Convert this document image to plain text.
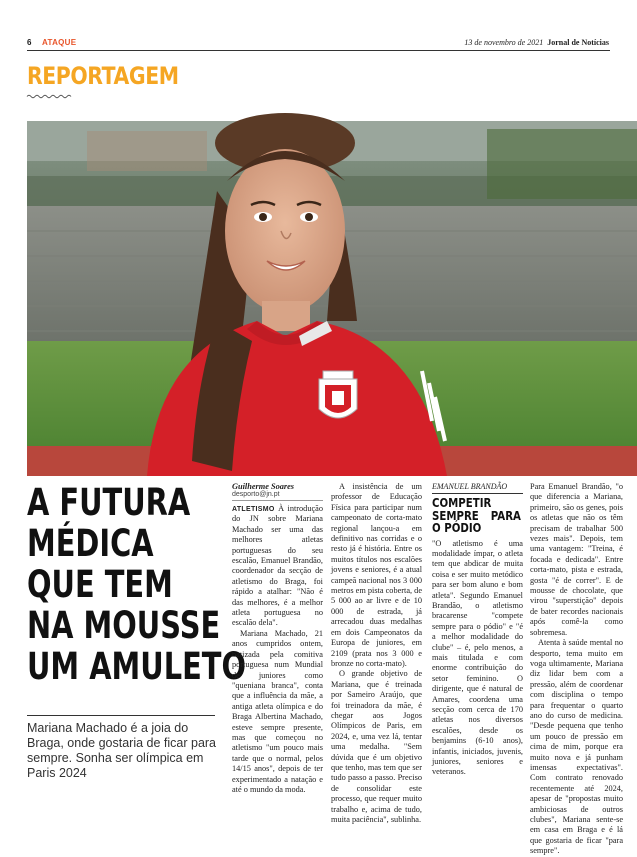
6 ATAQUE	13 de novembro de 2021 Jornal de Notícias
REPORTAGEM
A FUTURA
MÉDICA
QUE TEM
NA MOUSSE
UM AMULETO
Mariana Machado é a joia do Braga, onde gostaria de ficar para sempre. Sonha ser olímpica em Paris 2024

Guilherme Soares

desporto@jn.pt

ATLETISMO À introdução do JN sobre Mariana Machado ser uma das melhores atletas portuguesas do seu escalão, Emanuel Brandão, coordenador da secção de atletismo do Braga, foi rápido a atalhar: "Não é das melhores, é a melhor atleta portuguesa no escalão dela".

Mariana Machado, 21 anos cumpridos ontem, batizada pela comitiva portuguesa num Mundial de juniores como "queniana branca", conta que a influência da mãe, a antiga atleta olímpica e do Braga Albertina Machado, esteve sempre presente, mas que começou no atletismo "um pouco mais tarde que o normal, pelos 14/15 anos", depois de ter experimentado a natação e até o mundo da moda.

A insistência de um professor de Educação Física para participar num campeonato de corta-mato regional lançou-a em definitivo nas corridas e o resto já é história. Entre os muitos títulos nos escalões jovens e seniores, é a atual campeã nacional nos 3 000 metros em pista coberta, de 5 000 ao ar livre e de 10 000 de estrada, já arrecadou duas medalhas em dois Campeonatos da Europa de juniores, em 2109 (prata nos 3 000 e bronze no corta-mato).

O grande objetivo de Mariana, que é treinada por Sameiro Araújo, que foi treinadora da mãe, é chegar aos Jogos Olímpicos de Paris, em 2024, e, uma vez lá, tentar uma medalha. "Sem dúvida que é um objetivo que tenho, mas tem que ser tudo passo a passo. Preciso de consolidar este processo, que requer muito trabalho e, acima de tudo, muita paciência", sublinha.

EMANUEL BRANDÃO

COMPETIR SEMPRE PARA O PÓDIO

"O atletismo é uma modalidade ímpar, o atleta tem que abdicar de muita coisa e ser muito metódico para ser bom aluno e bom atleta". Segundo Emanuel Brandão, o atletismo bracarense "compete sempre para o pódio" e "é a melhor modalidade do clube" – é, pelo menos, a mais titulada e com enorme contribuição do setor feminino. O dirigente, que é natural de Amares, coordena uma secção com cerca de 170 atletas nos diversos escalões, desde os benjamins (6-10 anos), infantis, iniciados, juvenis, juniores, seniores e veteranos.

Para Emanuel Brandão, "o que diferencia a Mariana, primeiro, são os genes, pois os atletas que não os têm precisam de trabalhar 500 vezes mais". Depois, tem uma vantagem: "Treina, é focada e dedicada". Entre corta-mato, pista e estrada, gosta "é de correr". E de mousse de chocolate, que virou "superstição" depois de bater recordes nacionais após comê-la como sobremesa.

Atenta à saúde mental no desporto, tema muito em voga ultimamente, Mariana diz lidar bem com a pressão, além de coordenar com disciplina o tempo para frequentar o quarto ano do curso de medicina. "Desde pequena que tenho um pouco de pressão em cima de mim, porque era muito nova e já punham imensas expectativas". Com contrato renovado recentemente até 2024, apesar de "propostas muito ambiciosas de outros clubes", Mariana sente-se em casa em Braga e é lá que gostaria de ficar "para sempre".
